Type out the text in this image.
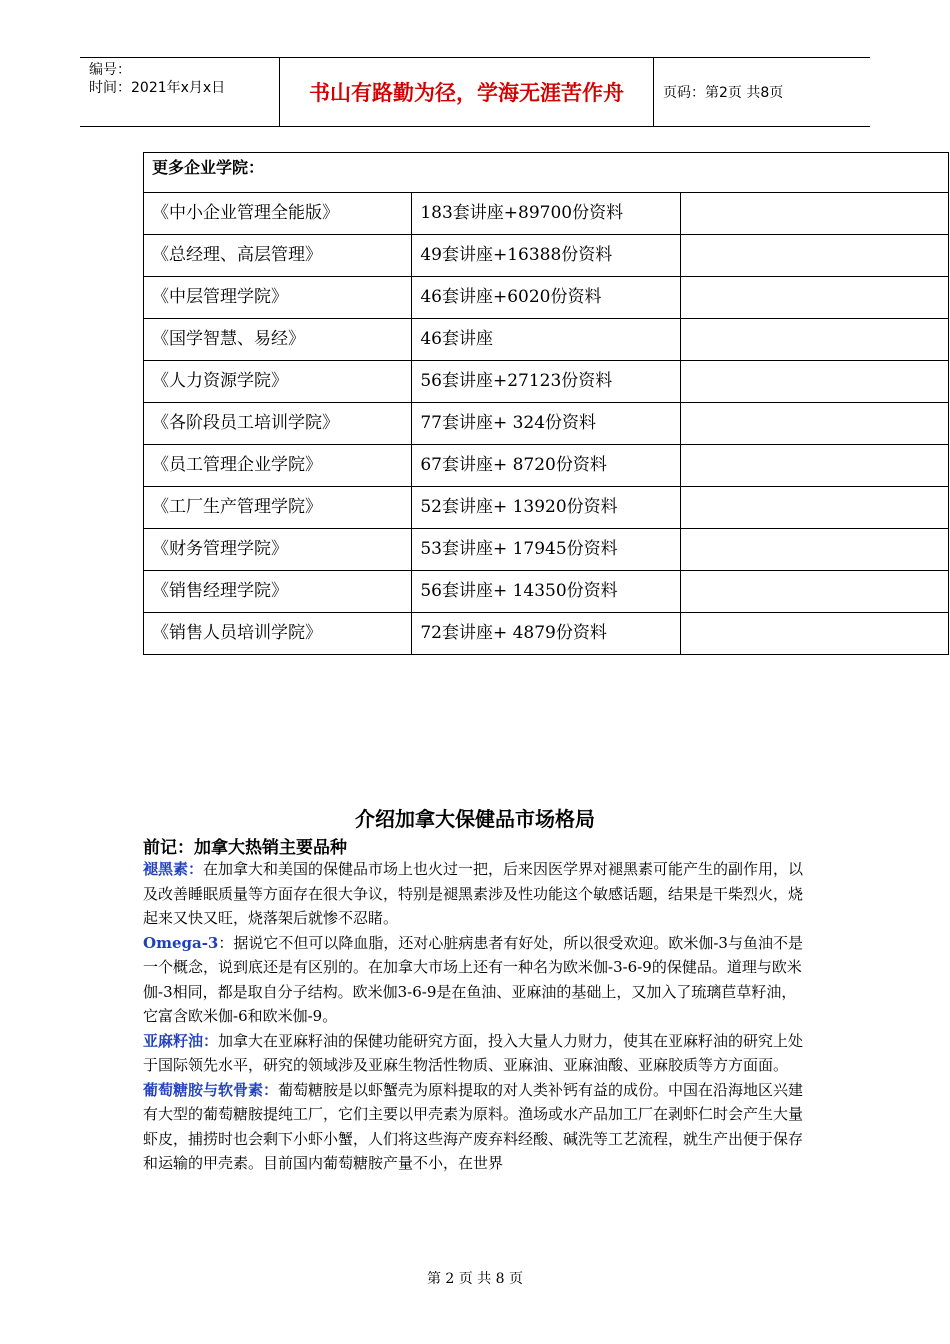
编号：
时间：2021年x月x日	书山有路勤为径，学海无涯苦作舟	页码：第2页 共8页
更多企业学院：		
《中小企业管理全能版》	183套讲座+89700份资料	
《总经理、高层管理》	49套讲座+16388份资料	
《中层管理学院》	46套讲座+6020份资料	
《国学智慧、易经》	46套讲座	
《人力资源学院》	56套讲座+27123份资料	
《各阶段员工培训学院》	77套讲座+ 324份资料	
《员工管理企业学院》	67套讲座+ 8720份资料	
《工厂生产管理学院》	52套讲座+ 13920份资料	
《财务管理学院》	53套讲座+ 17945份资料	
《销售经理学院》	56套讲座+ 14350份资料	
《销售人员培训学院》	72套讲座+ 4879份资料	
介绍加拿大保健品市场格局
前记：加拿大热销主要品种

褪黑素：在加拿大和美国的保健品市场上也火过一把，后来因医学界对褪黑素可能产生的副作用，以及改善睡眠质量等方面存在很大争议，特别是褪黑素涉及性功能这个敏感话题，结果是干柴烈火，烧起来又快又旺，烧落架后就惨不忍睹。

Omega-3：据说它不但可以降血脂，还对心脏病患者有好处，所以很受欢迎。欧米伽-3与鱼油不是一个概念，说到底还是有区别的。在加拿大市场上还有一种名为欧米伽-3-6-9的保健品。道理与欧米伽-3相同，都是取自分子结构。欧米伽3-6-9是在鱼油、亚麻油的基础上，又加入了琉璃苣草籽油，它富含欧米伽-6和欧米伽-9。

亚麻籽油：加拿大在亚麻籽油的保健功能研究方面，投入大量人力财力，使其在亚麻籽油的研究上处于国际领先水平，研究的领域涉及亚麻生物活性物质、亚麻油、亚麻油酸、亚麻胶质等方方面面。

葡萄糖胺与软骨素：葡萄糖胺是以虾蟹壳为原料提取的对人类补钙有益的成份。中国在沿海地区兴建有大型的葡萄糖胺提纯工厂，它们主要以甲壳素为原料。渔场或水产品加工厂在剥虾仁时会产生大量虾皮，捕捞时也会剩下小虾小蟹，人们将这些海产废弃料经酸、碱洗等工艺流程，就生产出便于保存和运输的甲壳素。目前国内葡萄糖胺产量不小，在世界

第 2 页 共 8 页
